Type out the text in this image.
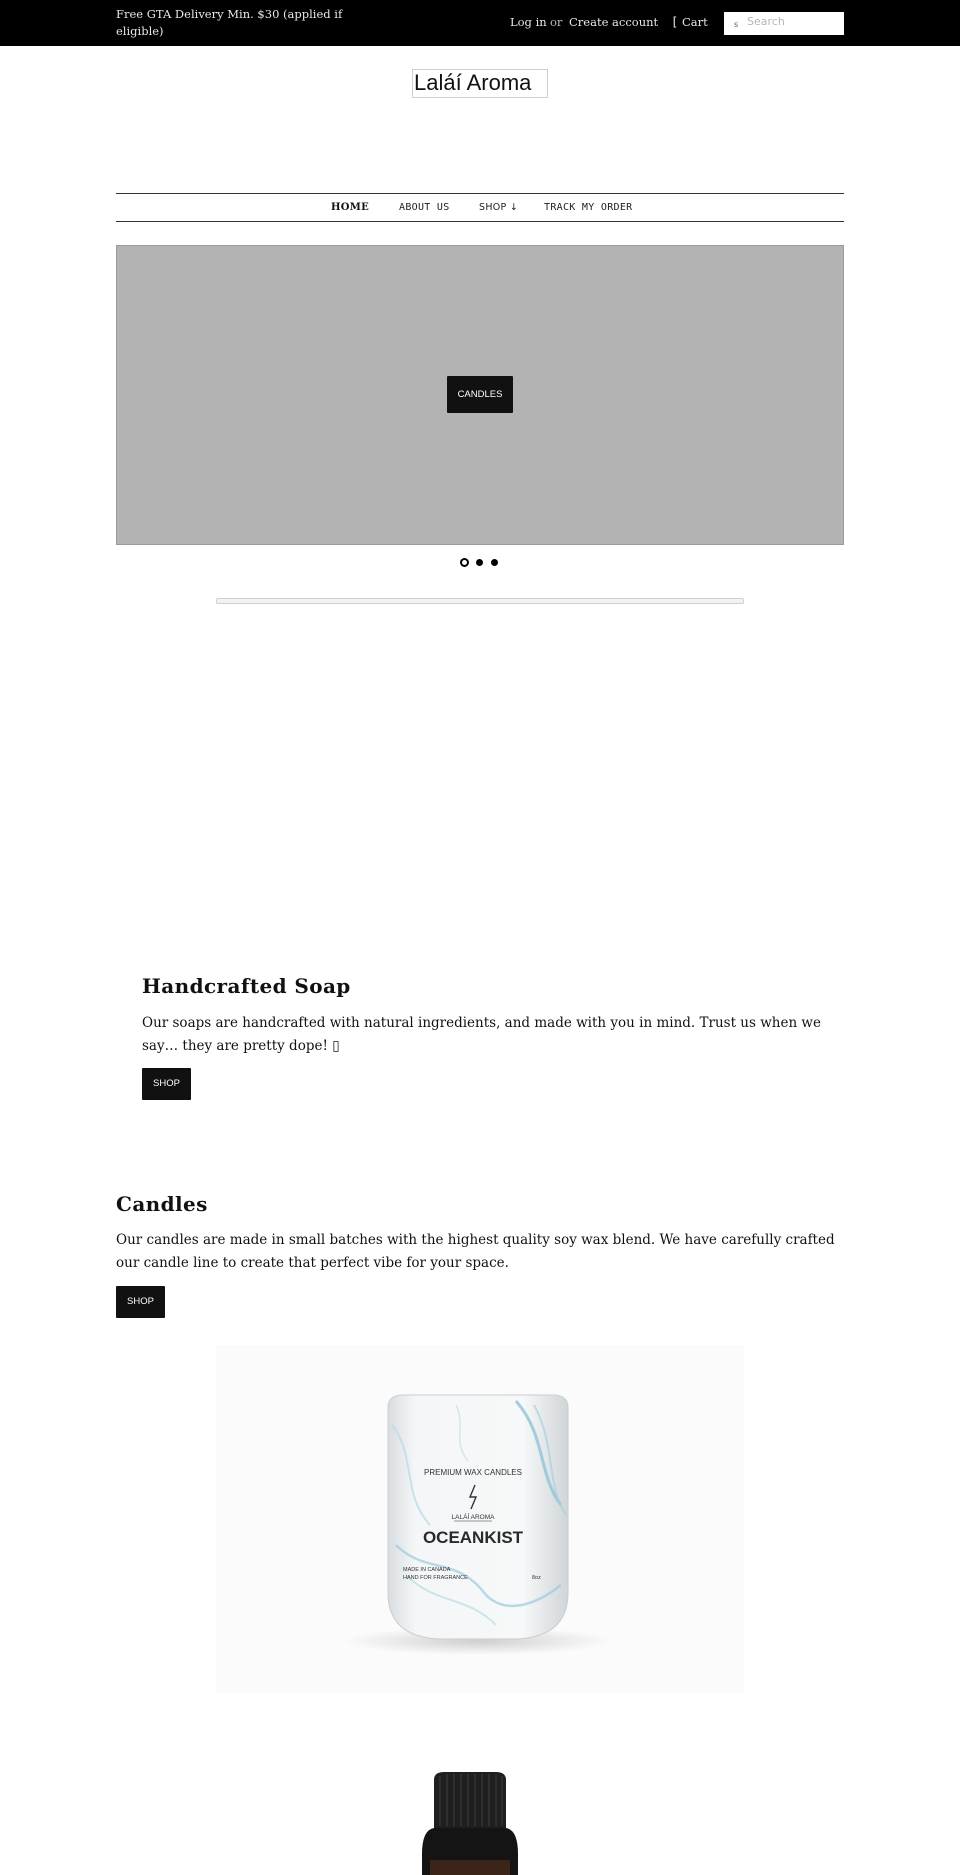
Free GTA Delivery Min. $30 (applied if eligible)
Log in or Create account [ Cart	s Search
Laláí Aroma
HOME	ABOUT US	SHOP ↓	TRACK MY ORDER
CANDLES
Handcrafted Soap

Our soaps are handcrafted with natural ingredients, and made with you in mind. Trust us when we say… they are pretty dope! ▯

SHOP
Candles

Our candles are made in small batches with the highest quality soy wax blend. We have carefully crafted our candle line to create that perfect vibe for your space.

SHOP
PREMIUM WAX CANDLES
LALÁÍ AROMA
OCEANKIST
MADE IN CANADA
HAND FOR FRAGRANCE	8oz
